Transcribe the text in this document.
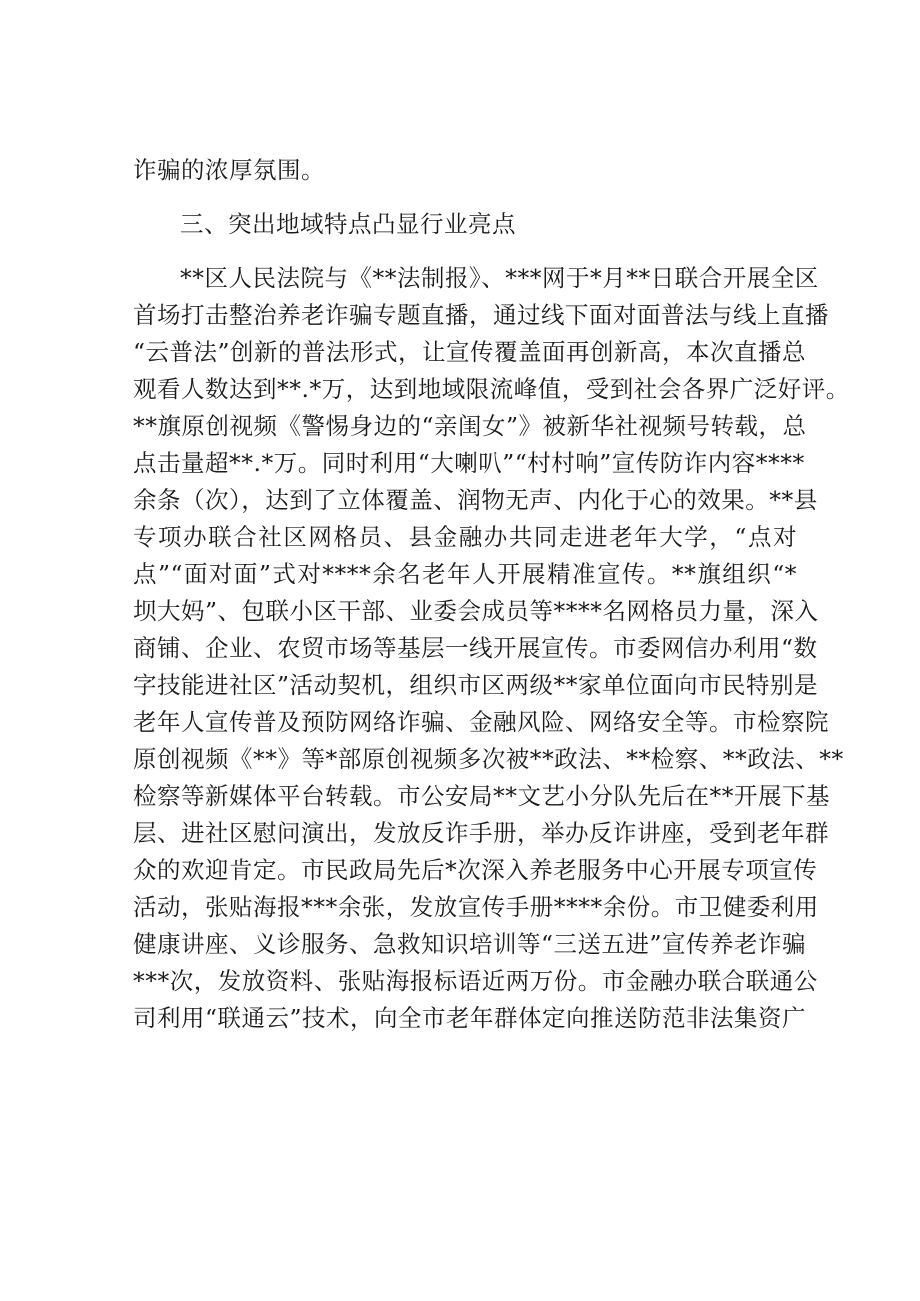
诈骗的浓厚氛围。
三、突出地域特点凸显行业亮点
**区人民法院与《**法制报》、***网于*月**日联合开展全区
首场打击整治养老诈骗专题直播，通过线下面对面普法与线上直播
“云普法”创新的普法形式，让宣传覆盖面再创新高，本次直播总
观看人数达到**.*万，达到地域限流峰值，受到社会各界广泛好评。
**旗原创视频《警惕身边的“亲闺女”》被新华社视频号转载，总
点击量超**.*万。同时利用“大喇叭”“村村响”宣传防诈内容****
余条（次），达到了立体覆盖、润物无声、内化于心的效果。**县
专项办联合社区网格员、县金融办共同走进老年大学，“点对
点”“面对面”式对****余名老年人开展精准宣传。**旗组织“*
坝大妈”、包联小区干部、业委会成员等****名网格员力量，深入
商铺、企业、农贸市场等基层一线开展宣传。市委网信办利用“数
字技能进社区”活动契机，组织市区两级**家单位面向市民特别是
老年人宣传普及预防网络诈骗、金融风险、网络安全等。市检察院
原创视频《**》等*部原创视频多次被**政法、**检察、**政法、**
检察等新媒体平台转载。市公安局**文艺小分队先后在**开展下基
层、进社区慰问演出，发放反诈手册，举办反诈讲座，受到老年群
众的欢迎肯定。市民政局先后*次深入养老服务中心开展专项宣传
活动，张贴海报***余张，发放宣传手册****余份。市卫健委利用
健康讲座、义诊服务、急救知识培训等“三送五进”宣传养老诈骗
***次，发放资料、张贴海报标语近两万份。市金融办联合联通公
司利用“联通云”技术，向全市老年群体定向推送防范非法集资广
